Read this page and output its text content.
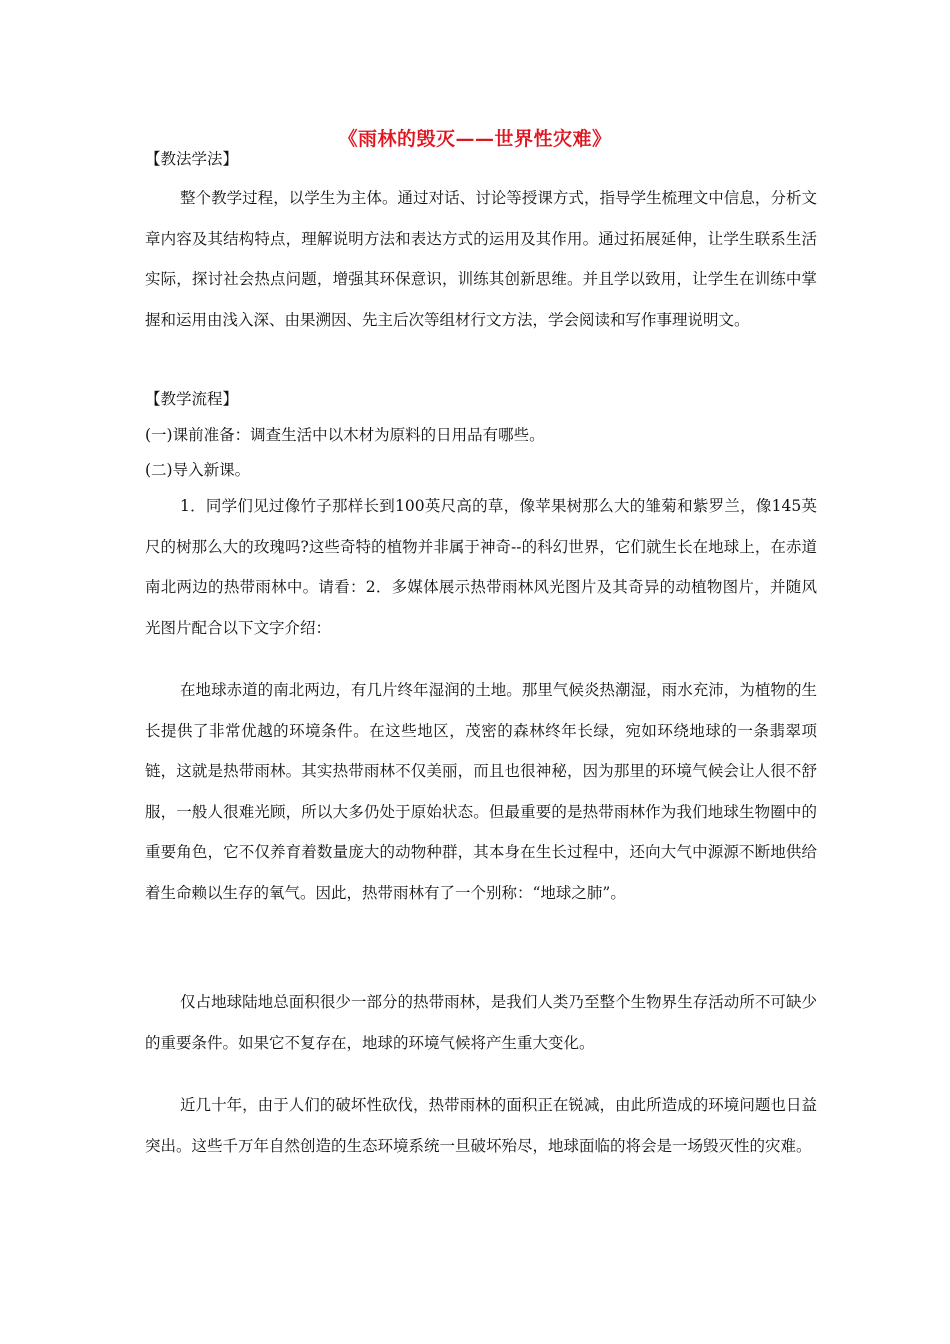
《雨林的毁灭——世界性灾难》
【教法学法】
整个教学过程，以学生为主体。通过对话、讨论等授课方式，指导学生梳理文中信息，分析文章内容及其结构特点，理解说明方法和表达方式的运用及其作用。通过拓展延伸，让学生联系生活实际，探讨社会热点问题，增强其环保意识，训练其创新思维。并且学以致用，让学生在训练中掌握和运用由浅入深、由果溯因、先主后次等组材行文方法，学会阅读和写作事理说明文。
【教学流程】
(一)课前准备：调查生活中以木材为原料的日用品有哪些。
(二)导入新课。
1．同学们见过像竹子那样长到100英尺高的草，像苹果树那么大的雏菊和紫罗兰，像145英尺的树那么大的玫瑰吗?这些奇特的植物并非属于神奇--的科幻世界，它们就生长在地球上，在赤道南北两边的热带雨林中。请看：2．多媒体展示热带雨林风光图片及其奇异的动植物图片，并随风光图片配合以下文字介绍：
在地球赤道的南北两边，有几片终年湿润的土地。那里气候炎热潮湿，雨水充沛，为植物的生长提供了非常优越的环境条件。在这些地区，茂密的森林终年长绿，宛如环绕地球的一条翡翠项链，这就是热带雨林。其实热带雨林不仅美丽，而且也很神秘，因为那里的环境气候会让人很不舒服，一般人很难光顾，所以大多仍处于原始状态。但最重要的是热带雨林作为我们地球生物圈中的重要角色，它不仅养育着数量庞大的动物种群，其本身在生长过程中，还向大气中源源不断地供给着生命赖以生存的氧气。因此，热带雨林有了一个别称：“地球之肺”。
仅占地球陆地总面积很少一部分的热带雨林，是我们人类乃至整个生物界生存活动所不可缺少的重要条件。如果它不复存在，地球的环境气候将产生重大变化。
近几十年，由于人们的破坏性砍伐，热带雨林的面积正在锐减，由此所造成的环境问题也日益突出。这些千万年自然创造的生态环境系统一旦破坏殆尽，地球面临的将会是一场毁灭性的灾难。
